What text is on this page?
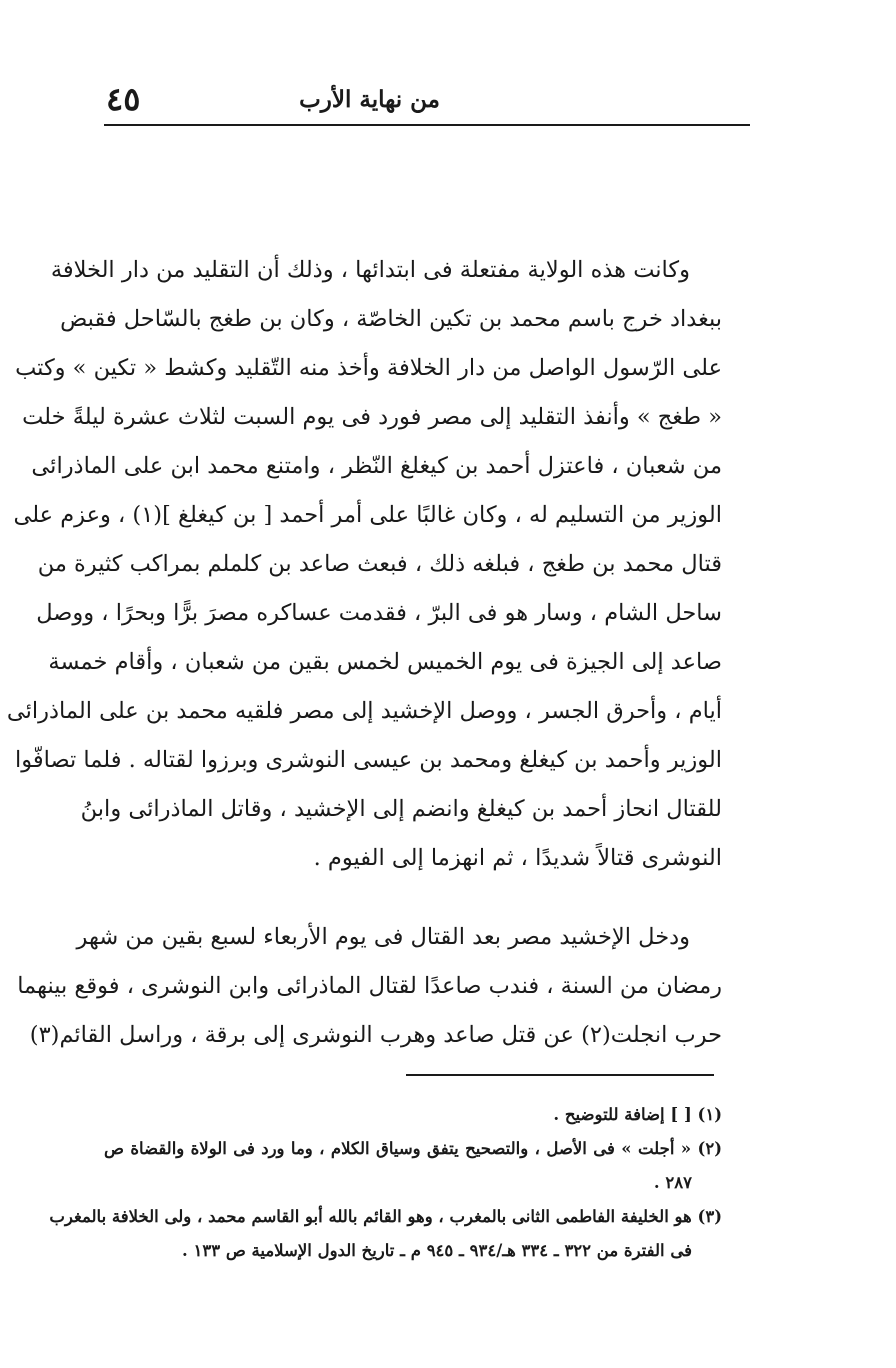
من نهاية الأرب
٤٥
وكانت هذه الولاية مفتعلة فى ابتدائها ، وذلك أن التقليد من دار الخلافة
ببغداد خرج باسم محمد بن تكين الخاصّة ، وكان بن طغج بالسّاحل فقبض
على الرّسول الواصل من دار الخلافة وأخذ منه التّقليد وكشط « تكين » وكتب
« طغج » وأنفذ التقليد إلى مصر فورد فى يوم السبت لثلاث عشرة ليلةً خلت
من شعبان ، فاعتزل أحمد بن كيغلغ النّظر ، وامتنع محمد ابن على الماذرائى
الوزير من التسليم له ، وكان غالبًا على أمر أحمد [ بن كيغلغ ](١) ، وعزم على
قتال محمد بن طغج ، فبلغه ذلك ، فبعث صاعد بن كلملم بمراكب كثيرة من
ساحل الشام ، وسار هو فى البرّ ، فقدمت عساكره مصرَ برًّا وبحرًا ، ووصل
صاعد إلى الجيزة فى يوم الخميس لخمس بقين من شعبان ، وأقام خمسة
أيام ، وأحرق الجسر ، ووصل الإخشيد إلى مصر فلقيه محمد بن على الماذرائى
الوزير وأحمد بن كيغلغ ومحمد بن عيسى النوشرى وبرزوا لقتاله . فلما تصافّوا
للقتال انحاز أحمد بن كيغلغ وانضم إلى الإخشيد ، وقاتل الماذرائى وابنُ
النوشرى قتالاً شديدًا ، ثم انهزما إلى الفيوم .
ودخل الإخشيد مصر بعد القتال فى يوم الأربعاء لسبع بقين من شهر
رمضان من السنة ، فندب صاعدًا لقتال الماذرائى وابن النوشرى ، فوقع بينهما
حرب انجلت(٢) عن قتل صاعد وهرب النوشرى إلى برقة ، وراسل القائم(٣)
(١) [ ] إضافة للتوضيح .
(٢) « أجلت » فى الأصل ، والتصحيح يتفق وسياق الكلام ، وما ورد فى الولاة والقضاة ص
٢٨٧ .
(٣) هو الخليفة الفاطمى الثانى بالمغرب ، وهو القائم بالله أبو القاسم محمد ، ولى الخلافة بالمغرب
فى الفترة من ٣٢٢ ـ ٣٣٤ هـ/٩٣٤ ـ ٩٤٥ م ـ تاريخ الدول الإسلامية ص ١٣٣ .
